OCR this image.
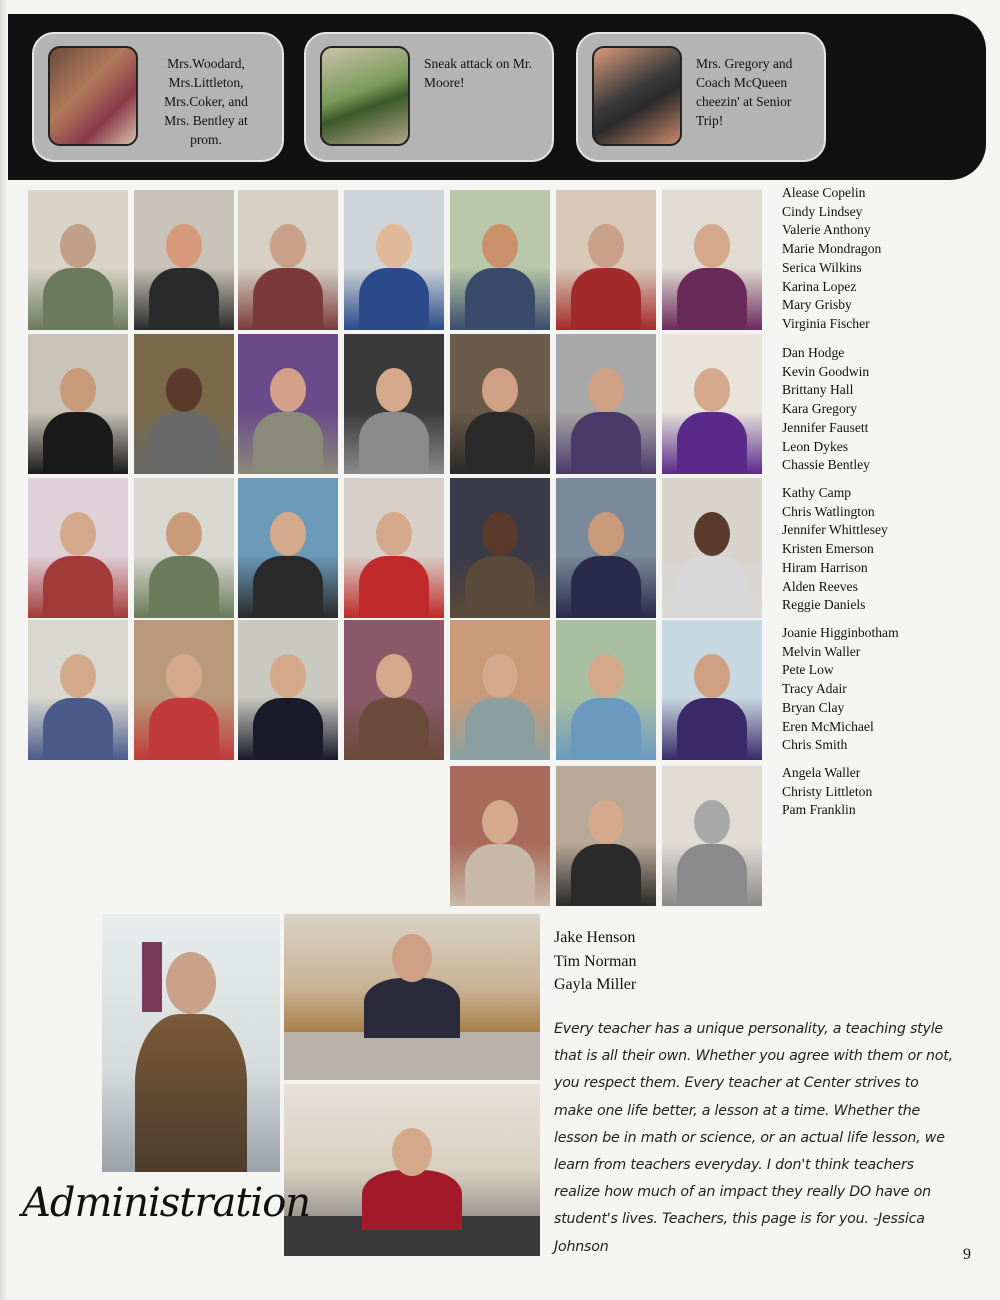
Mrs.Woodard, Mrs.Littleton, Mrs.Coker, and Mrs. Bentley at prom.
Sneak attack on Mr. Moore!
Mrs. Gregory and Coach McQueen cheezin' at Senior Trip!
Alease Copelin
Cindy Lindsey
Valerie Anthony
Marie Mondragon
Serica Wilkins
Karina Lopez
Mary Grisby
Virginia Fischer
Dan Hodge
Kevin Goodwin
Brittany Hall
Kara Gregory
Jennifer Fausett
Leon Dykes
Chassie Bentley
Kathy Camp
Chris Watlington
Jennifer Whittlesey
Kristen Emerson
Hiram Harrison
Alden Reeves
Reggie Daniels
Joanie Higginbotham
Melvin Waller
Pete Low
Tracy Adair
Bryan Clay
Eren McMichael
Chris Smith
Angela Waller
Christy Littleton
Pam Franklin
Jake Henson
Tim Norman
Gayla Miller
Every teacher has a unique personality, a teaching style that is all their own. Whether you agree with them or not, you respect them. Every teacher at Center strives to make one life better, a lesson at a time. Whether the lesson be in math or science, or an actual life lesson, we learn from teachers everyday. I don't think teachers realize how much of an impact they really DO have on student's lives. Teachers, this page is for you. -Jessica Johnson
Administration
9
